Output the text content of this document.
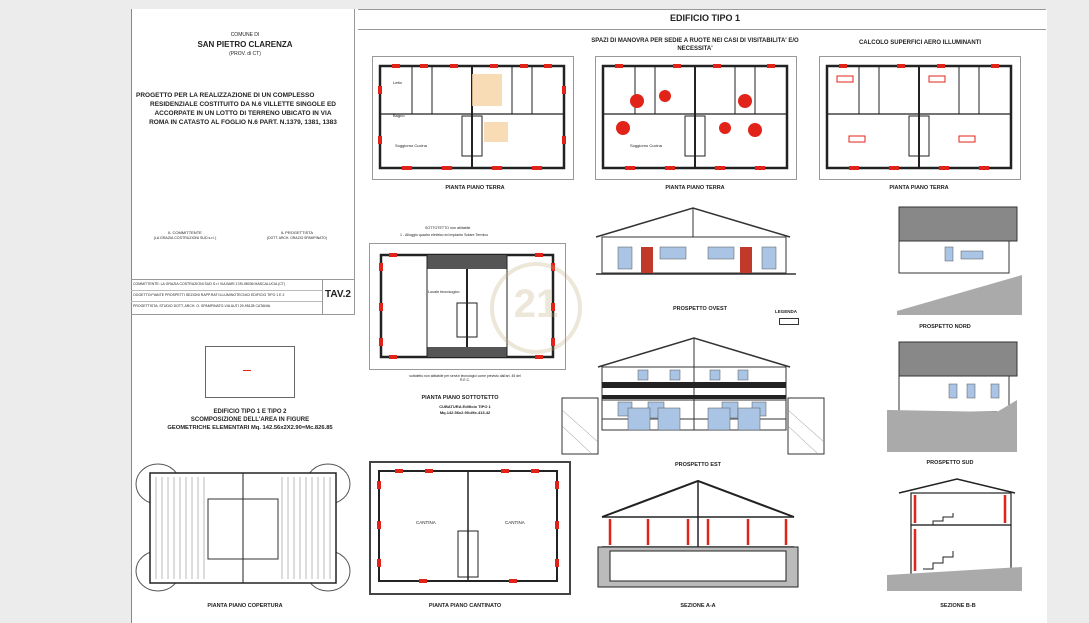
COMUNE DI
SAN PIETRO CLARENZA
(PROV. di CT)
PROGETTO PER LA REALIZZAZIONE DI UN COMPLESSO
RESIDENZIALE COSTITUITO DA N.6 VILLETTE SINGOLE ED
ACCORPATE IN UN LOTTO DI TERRENO UBICATO IN VIA
ROMA IN CATASTO AL FOGLIO N.6 PART. N.1379, 1381, 1383
IL COMMITTENTE
(LA GRAZIA COSTRUZIONI SUD s.r.l.)
IL PROGETTISTA
(DOTT. ARCH. ORAZIO SPAMPINATO)
COMMITTENTE: LA GRAZIA COSTRUZIONI SUD S.r.l VIA BARI 17/B-98036 MASCALUCIA (CT)
OGGETTO:PIANTE PROSPETTI SEZIONI RAPP.RATI ILLUMINOTECNICI EDIFICIO TIPO 1 E 2
PROGETTISTA: STUDIO DOTT. ARCH. O. SPAMPINATO-VIA AUTI 29-95128 CATANIA
TAV.2
EDIFICIO TIPO 1
SPAZI DI MANOVRA PER SEDIE A RUOTE NEI CASI DI VISITABILITA' E/O NECESSITA'
CALCOLO SUPERFICI AERO ILLUMINANTI
Soggiorno Cucina
Letto
Bagno
PIANTA PIANO TERRA
Soggiorno Cucina
PIANTA PIANO TERRA	PIANTA PIANO TERRA
SOTTOTETTO non abitabile
1 - Alloggio quadro elettrico ed impianto Solare Termico
Locale tecnologico
sottotetto non abitabile per servizi tecnologici come previsto dall'art. 45 del R.E.C.
PIANTA PIANO SOTTOTETTO
CUBATURA Edificio TIPO 1
Mq.142.56x2.90=Mc.413.42
21
EDIFICIO TIPO 1 E TIPO 2
SCOMPOSIZIONE DELL'AREA IN FIGURE
GEOMETRICHE ELEMENTARI Mq. 142.56x2X2.90=Mc.826.85
PIANTA PIANO COPERTURA
CANTINA	CANTINA
PIANTA PIANO CANTINATO
PROSPETTO OVEST	LEGENDA
PROSPETTO EST
PROSPETTO NORD
PROSPETTO SUD
SEZIONE A-A	SEZIONE B-B
